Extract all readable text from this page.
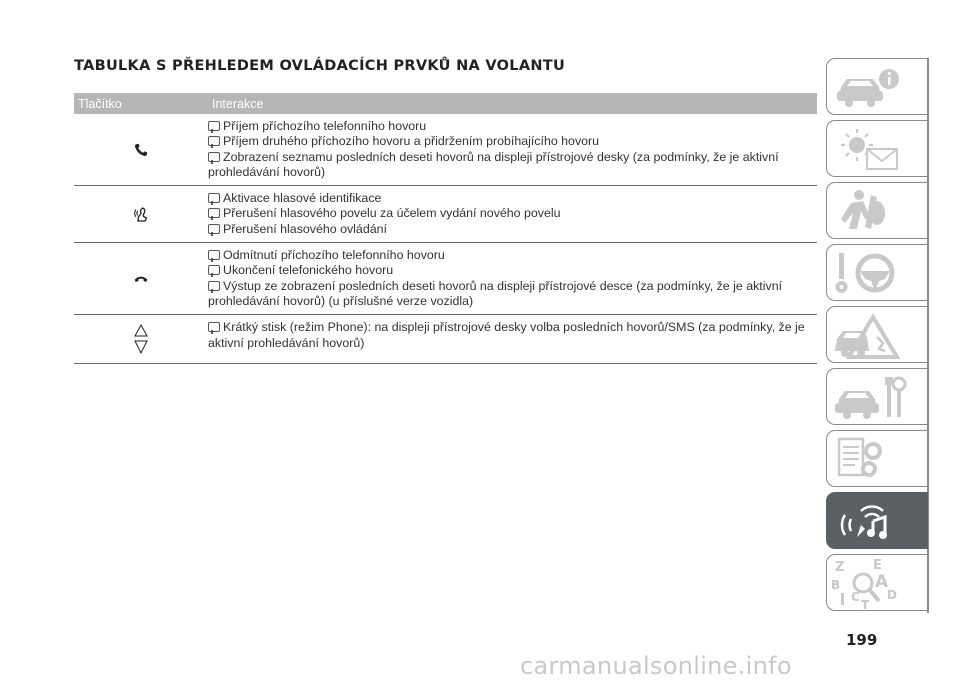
TABULKA S PŘEHLEDEM OVLÁDACÍCH PRVKŮ NA VOLANTU
Tlačítko	Interakce
Příjem příchozího telefonního hovoru
Příjem druhého příchozího hovoru a přidržením probíhajícího hovoru
Zobrazení seznamu posledních deseti hovorů na displeji přístrojové desky (za podmínky, že je aktivní prohledávání hovorů)
Aktivace hlasové identifikace
Přerušení hlasového povelu za účelem vydání nového povelu
Přerušení hlasového ovládání
Odmítnutí příchozího telefonního hovoru
Ukončení telefonického hovoru
Výstup ze zobrazení posledních deseti hovorů na displeji přístrojové desce (za podmínky, že je aktivní prohledávání hovorů) (u příslušné verze vozidla)
Krátký stisk (režim Phone): na displeji přístrojové desky volba posledních hovorů/SMS (za podmínky, že je aktivní prohledávání hovorů)
Z E
B A
C D
T
199
carmanualsonline.info
